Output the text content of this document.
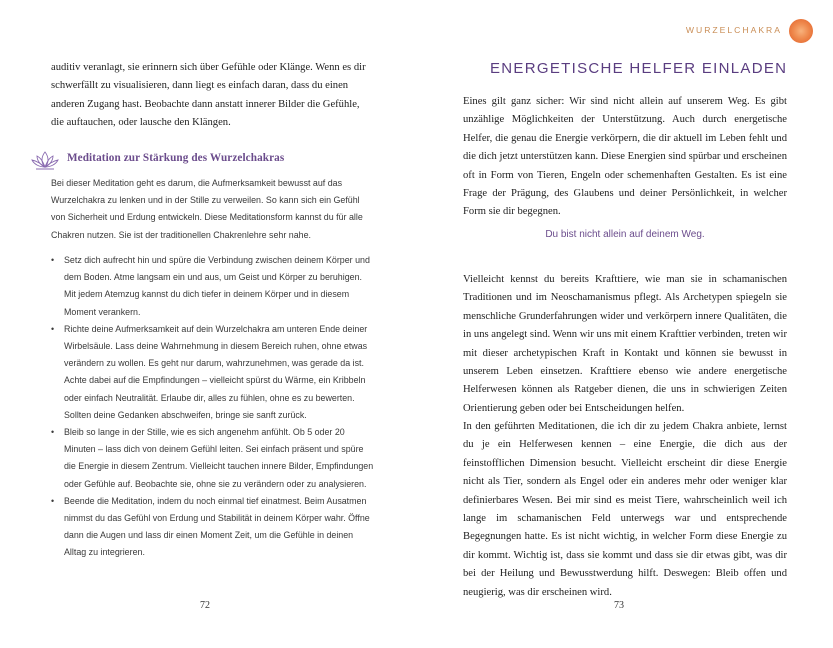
auditiv veranlagt, sie erinnern sich über Gefühle oder Klänge. Wenn es dir schwerfällt zu visualisieren, dann liegt es einfach daran, dass du einen anderen Zugang hast. Beobachte dann anstatt innerer Bilder die Gefühle, die auftauchen, oder lausche den Klängen.

Meditation zur Stärkung des Wurzelchakras

Bei dieser Meditation geht es darum, die Aufmerksamkeit bewusst auf das Wurzelchakra zu lenken und in der Stille zu verweilen. So kann sich ein Gefühl von Sicherheit und Erdung entwickeln. Diese Meditationsform kannst du für alle Chakren nutzen. Sie ist der traditionellen Chakrenlehre sehr nahe.

• Setz dich aufrecht hin und spüre die Verbindung zwischen deinem Körper und dem Boden. Atme langsam ein und aus, um Geist und Körper zu beruhigen. Mit jedem Atemzug kannst du dich tiefer in deinem Körper und in diesem Moment verankern.
• Richte deine Aufmerksamkeit auf dein Wurzelchakra am unteren Ende deiner Wirbelsäule. Lass deine Wahrnehmung in diesem Bereich ruhen, ohne etwas verändern zu wollen. Es geht nur darum, wahrzunehmen, was gerade da ist. Achte dabei auf die Empfindungen – vielleicht spürst du Wärme, ein Kribbeln oder einfach Neutralität. Erlaube dir, alles zu fühlen, ohne es zu bewerten. Sollten deine Gedanken abschweifen, bringe sie sanft zurück.
• Bleib so lange in der Stille, wie es sich angenehm anfühlt. Ob 5 oder 20 Minuten – lass dich von deinem Gefühl leiten. Sei einfach präsent und spüre die Energie in diesem Zentrum. Vielleicht tauchen innere Bilder, Empfindungen oder Gefühle auf. Beobachte sie, ohne sie zu verändern oder zu analysieren.
• Beende die Meditation, indem du noch einmal tief einatmest. Beim Ausatmen nimmst du das Gefühl von Erdung und Stabilität in deinem Körper wahr. Öffne dann die Augen und lass dir einen Moment Zeit, um die Gefühle in deinen Alltag zu integrieren.
72
WURZELCHAKRA
ENERGETISCHE HELFER EINLADEN

Eines gilt ganz sicher: Wir sind nicht allein auf unserem Weg. Es gibt unzählige Möglichkeiten der Unterstützung. Auch durch energetische Helfer, die genau die Energie verkörpern, die dir aktuell im Leben fehlt und die dich jetzt unterstützen kann. Diese Energien sind spürbar und erscheinen oft in Form von Tieren, Engeln oder schemenhaften Gestalten. Es ist eine Frage der Prägung, des Glaubens und deiner Persönlichkeit, in welcher Form sie dir begegnen.

Du bist nicht allein auf deinem Weg.

Vielleicht kennst du bereits Krafttiere, wie man sie in schamanischen Traditionen und im Neoschamanismus pflegt. Als Archetypen spiegeln sie menschliche Grunderfahrungen wider und verkörpern innere Qualitäten, die in uns angelegt sind. Wenn wir uns mit einem Krafttier verbinden, treten wir mit dieser archetypischen Kraft in Kontakt und können sie bewusst in unserem Leben einsetzen. Krafttiere ebenso wie andere energetische Helferwesen können als Ratgeber dienen, die uns in schwierigen Zeiten Orientierung geben oder bei Entscheidungen helfen.

In den geführten Meditationen, die ich dir zu jedem Chakra anbiete, lernst du je ein Helferwesen kennen – eine Energie, die dich aus der feinstofflichen Dimension besucht. Vielleicht erscheint dir diese Energie nicht als Tier, sondern als Engel oder ein anderes mehr oder weniger klar definierbares Wesen. Bei mir sind es meist Tiere, wahrscheinlich weil ich lange im schamanischen Feld unterwegs war und entsprechende Begegnungen hatte. Es ist nicht wichtig, in welcher Form diese Energie zu dir kommt. Wichtig ist, dass sie kommt und dass sie dir etwas gibt, was dir bei der Heilung und Bewusstwerdung hilft. Deswegen: Bleib offen und neugierig, was dir erscheinen wird.

73
